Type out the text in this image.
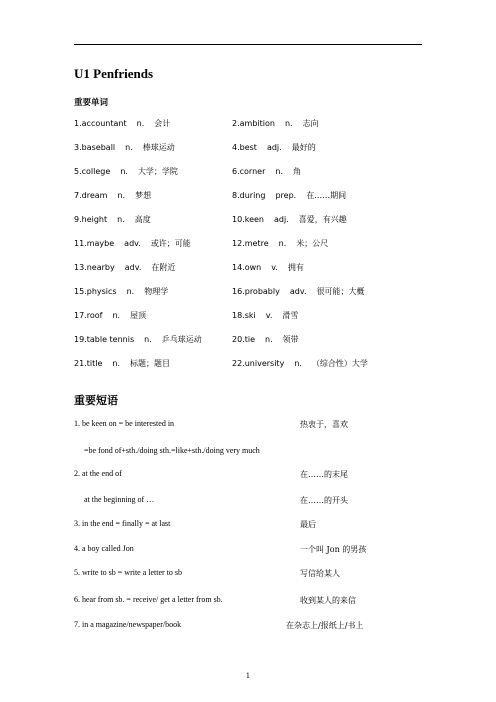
U1 Penfriends
重要单词
1.accountant n. 会计	2.ambition n. 志向
3.baseball n. 棒球运动	4.best adj. 最好的
5.college n. 大学；学院	6.corner n. 角
7.dream n. 梦想	8.during prep. 在……期间
9.height n. 高度	10.keen adj. 喜爱，有兴趣
11.maybe adv. 或许；可能	12.metre n. 米；公尺
13.nearby adv. 在附近	14.own v. 拥有
15.physics n. 物理学	16.probably adv. 很可能；大概
17.roof n. 屋顶	18.ski v. 滑雪
19.table tennis n. 乒乓球运动	20.tie n. 领带
21.title n. 标题；题目	22.university n. （综合性）大学
重要短语
1. be keen on = be interested in	热衷于，喜欢
=be fond of+sth./doing sth.=like+sth./doing very much
2. at the end of	在……的末尾
at the beginning of …	在……的开头
3. in the end = finally = at last	最后
4. a boy called Jon	一个叫 Jon 的男孩
5. write to sb = write a letter to sb	写信给某人
6. hear from sb. = receive/ get a letter from sb.	收到某人的来信
7. in a magazine/newspaper/book	在杂志上/报纸上/书上
1
